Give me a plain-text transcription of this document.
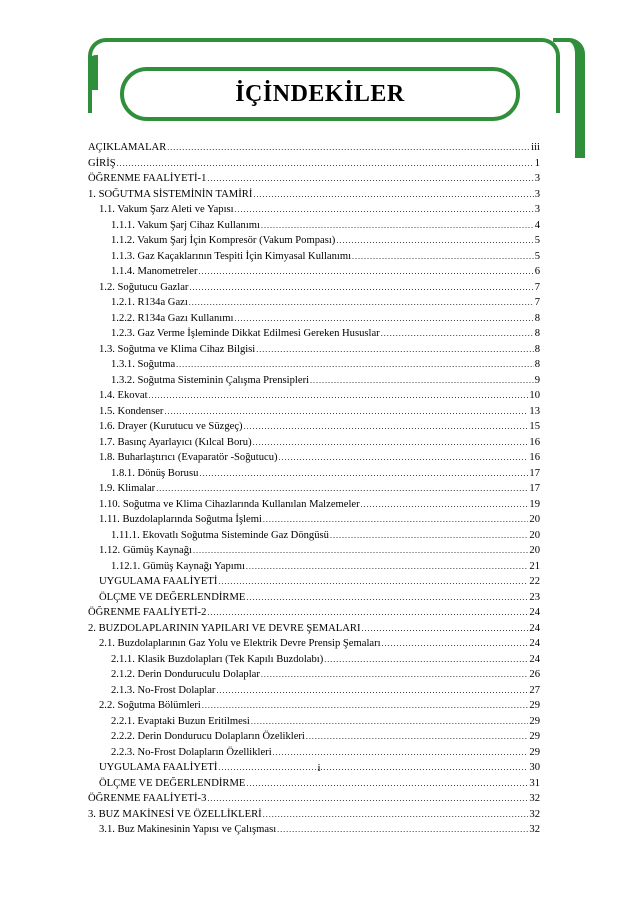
İÇİNDEKİLER
AÇIKLAMALAR .....	iii
GİRİŞ .....	1
ÖĞRENME FAALİYETİ-1 .....	3
1. SOĞUTMA SİSTEMİNİN TAMİRİ .....	3
1.1. Vakum Şarz Aleti ve Yapısı .....	3
1.1.1. Vakum Şarj Cihaz Kullanımı .....	4
1.1.2. Vakum Şarj İçin Kompresör (Vakum Pompası) .....	5
1.1.3. Gaz Kaçaklarının Tespiti İçin Kimyasal Kullanımı .....	5
1.1.4. Manometreler .....	6
1.2. Soğutucu Gazlar .....	7
1.2.1. R134a Gazı .....	7
1.2.2. R134a Gazı Kullanımı .....	8
1.2.3. Gaz Verme İşleminde Dikkat Edilmesi Gereken Hususlar .....	8
1.3. Soğutma ve Klima Cihaz Bilgisi .....	8
1.3.1. Soğutma .....	8
1.3.2. Soğutma Sisteminin Çalışma Prensipleri .....	9
1.4. Ekovat .....	10
1.5. Kondenser .....	13
1.6. Drayer (Kurutucu ve Süzgeç) .....	15
1.7. Basınç Ayarlayıcı (Kılcal Boru) .....	16
1.8. Buharlaştırıcı (Evaparatör -Soğutucu) .....	16
1.8.1. Dönüş Borusu .....	17
1.9. Klimalar .....	17
1.10. Soğutma ve Klima Cihazlarında Kullanılan Malzemeler .....	19
1.11. Buzdolaplarında Soğutma İşlemi .....	20
1.11.1. Ekovatlı Soğutma Sisteminde Gaz Döngüsü .....	20
1.12. Gümüş Kaynağı .....	20
1.12.1. Gümüş Kaynağı Yapımı .....	21
UYGULAMA FAALİYETİ .....	22
ÖLÇME VE DEĞERLENDİRME .....	23
ÖĞRENME FAALİYETİ-2 .....	24
2. BUZDOLAPLARININ YAPILARI VE DEVRE ŞEMALARI .....	24
2.1. Buzdolaplarının Gaz Yolu ve Elektrik Devre Prensip Şemaları .....	24
2.1.1. Klasik Buzdolapları (Tek Kapılı Buzdolabı) .....	24
2.1.2. Derin Donduruculu Dolaplar .....	26
2.1.3. No-Frost Dolaplar .....	27
2.2. Soğutma Bölümleri .....	29
2.2.1. Evaptaki Buzun Eritilmesi .....	29
2.2.2. Derin Dondurucu Dolapların Özelikleri .....	29
2.2.3. No-Frost Dolapların Özellikleri .....	29
UYGULAMA FAALİYETİ .....	30
ÖLÇME VE DEĞERLENDİRME .....	31
ÖĞRENME FAALİYETİ-3 .....	32
3. BUZ MAKİNESİ VE ÖZELLİKLERİ .....	32
3.1. Buz Makinesinin Yapısı ve Çalışması .....	32
i
